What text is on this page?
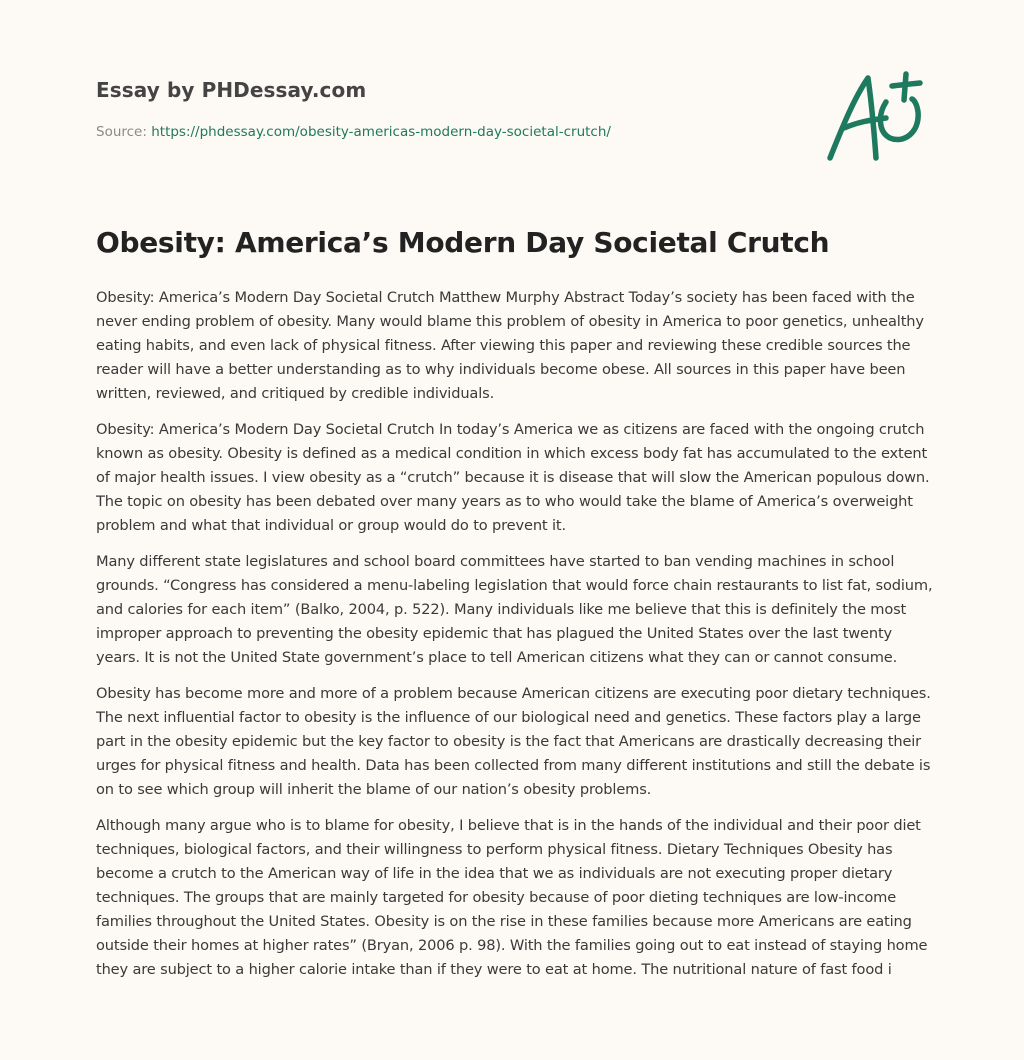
Essay by PHDessay.com
Source: https://phdessay.com/obesity-americas-modern-day-societal-crutch/
Obesity: America’s Modern Day Societal Crutch

Obesity: America’s Modern Day Societal Crutch Matthew Murphy Abstract Today’s society has been faced with the never ending problem of obesity. Many would blame this problem of obesity in America to poor genetics, unhealthy eating habits, and even lack of physical fitness. After viewing this paper and reviewing these credible sources the reader will have a better understanding as to why individuals become obese. All sources in this paper have been written, reviewed, and critiqued by credible individuals.

Obesity: America’s Modern Day Societal Crutch In today’s America we as citizens are faced with the ongoing crutch known as obesity. Obesity is defined as a medical condition in which excess body fat has accumulated to the extent of major health issues. I view obesity as a “crutch” because it is disease that will slow the American populous down. The topic on obesity has been debated over many years as to who would take the blame of America’s overweight problem and what that individual or group would do to prevent it.

Many different state legislatures and school board committees have started to ban vending machines in school grounds. “Congress has considered a menu-labeling legislation that would force chain restaurants to list fat, sodium, and calories for each item” (Balko, 2004, p. 522). Many individuals like me believe that this is definitely the most improper approach to preventing the obesity epidemic that has plagued the United States over the last twenty years. It is not the United State government’s place to tell American citizens what they can or cannot consume.

Obesity has become more and more of a problem because American citizens are executing poor dietary techniques. The next influential factor to obesity is the influence of our biological need and genetics. These factors play a large part in the obesity epidemic but the key factor to obesity is the fact that Americans are drastically decreasing their urges for physical fitness and health. Data has been collected from many different institutions and still the debate is on to see which group will inherit the blame of our nation’s obesity problems.

Although many argue who is to blame for obesity, I believe that is in the hands of the individual and their poor diet techniques, biological factors, and their willingness to perform physical fitness. Dietary Techniques Obesity has become a crutch to the American way of life in the idea that we as individuals are not executing proper dietary techniques. The groups that are mainly targeted for obesity because of poor dieting techniques are low-income families throughout the United States. Obesity is on the rise in these families because more Americans are eating outside their homes at higher rates” (Bryan, 2006 p. 98). With the families going out to eat instead of staying home they are subject to a higher calorie intake than if they were to eat at home. The nutritional nature of fast food i
